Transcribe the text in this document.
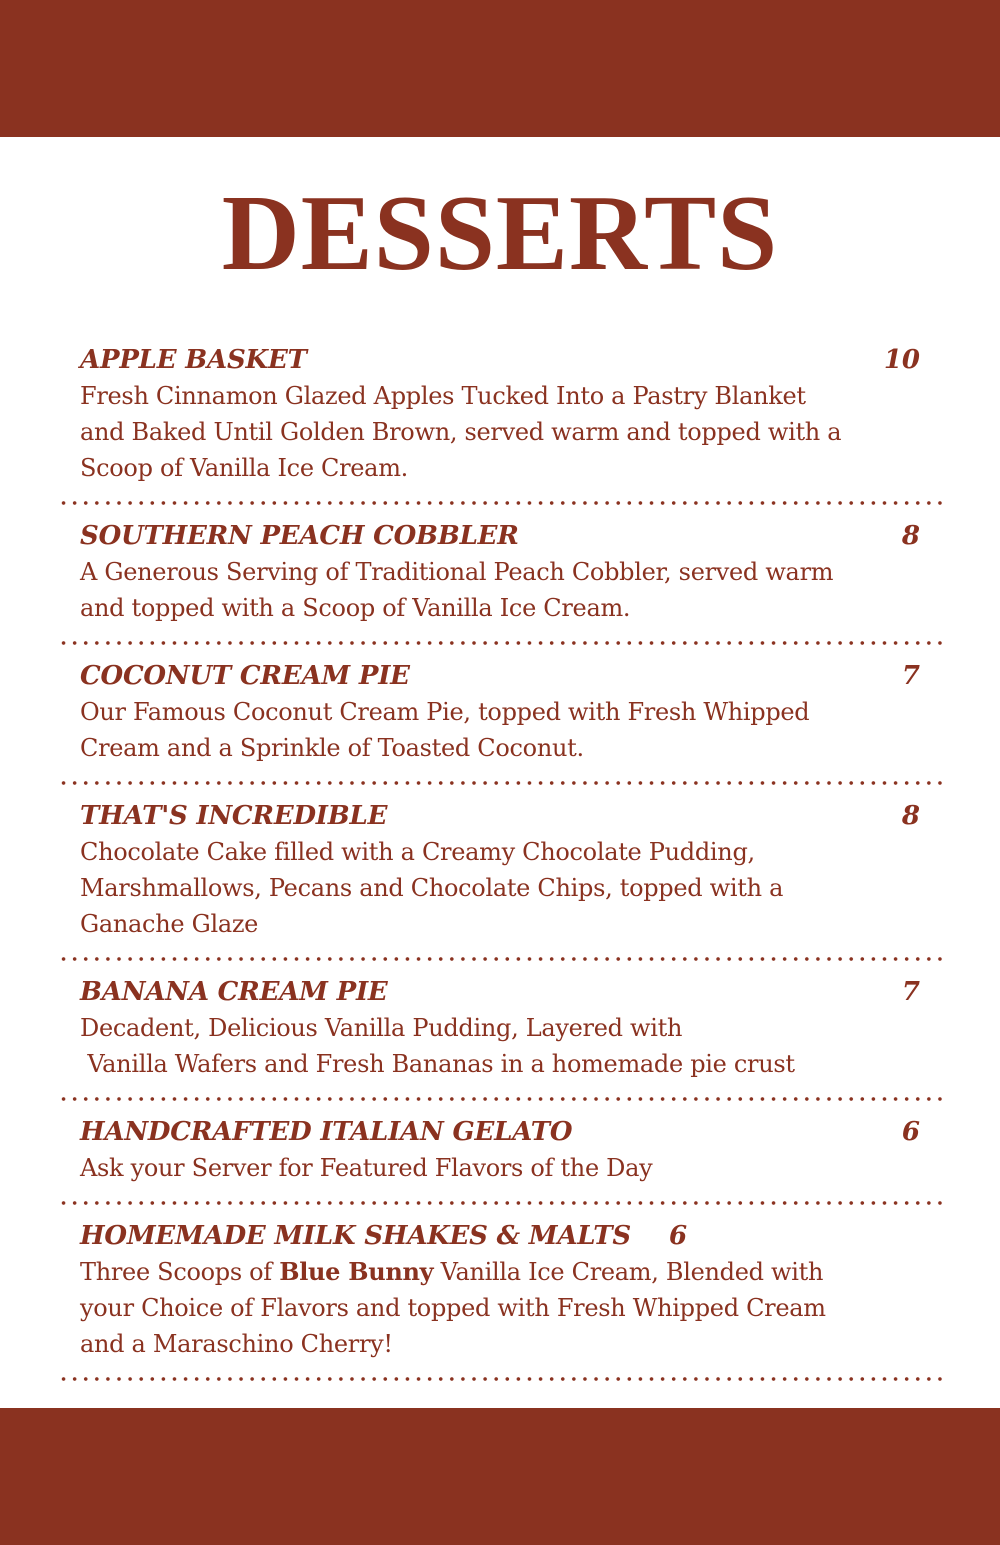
DESSERTS
APPLE BASKET	10
Fresh Cinnamon Glazed Apples Tucked Into a Pastry Blanket
and Baked Until Golden Brown, served warm and topped with a
Scoop of Vanilla Ice Cream.
SOUTHERN PEACH COBBLER	8
A Generous Serving of Traditional Peach Cobbler, served warm
and topped with a Scoop of Vanilla Ice Cream.
COCONUT CREAM PIE	7
Our Famous Coconut Cream Pie, topped with Fresh Whipped
Cream and a Sprinkle of Toasted Coconut.
THAT'S INCREDIBLE	8
Chocolate Cake filled with a Creamy Chocolate Pudding,
Marshmallows, Pecans and Chocolate Chips, topped with a
Ganache Glaze
BANANA CREAM PIE	7
Decadent, Delicious Vanilla Pudding, Layered with
Vanilla Wafers and Fresh Bananas in a homemade pie crust
HANDCRAFTED ITALIAN GELATO	6
Ask your Server for Featured Flavors of the Day
HOMEMADE MILK SHAKES & MALTS 6
Three Scoops of Blue Bunny Vanilla Ice Cream, Blended with
your Choice of Flavors and topped with Fresh Whipped Cream
and a Maraschino Cherry!
